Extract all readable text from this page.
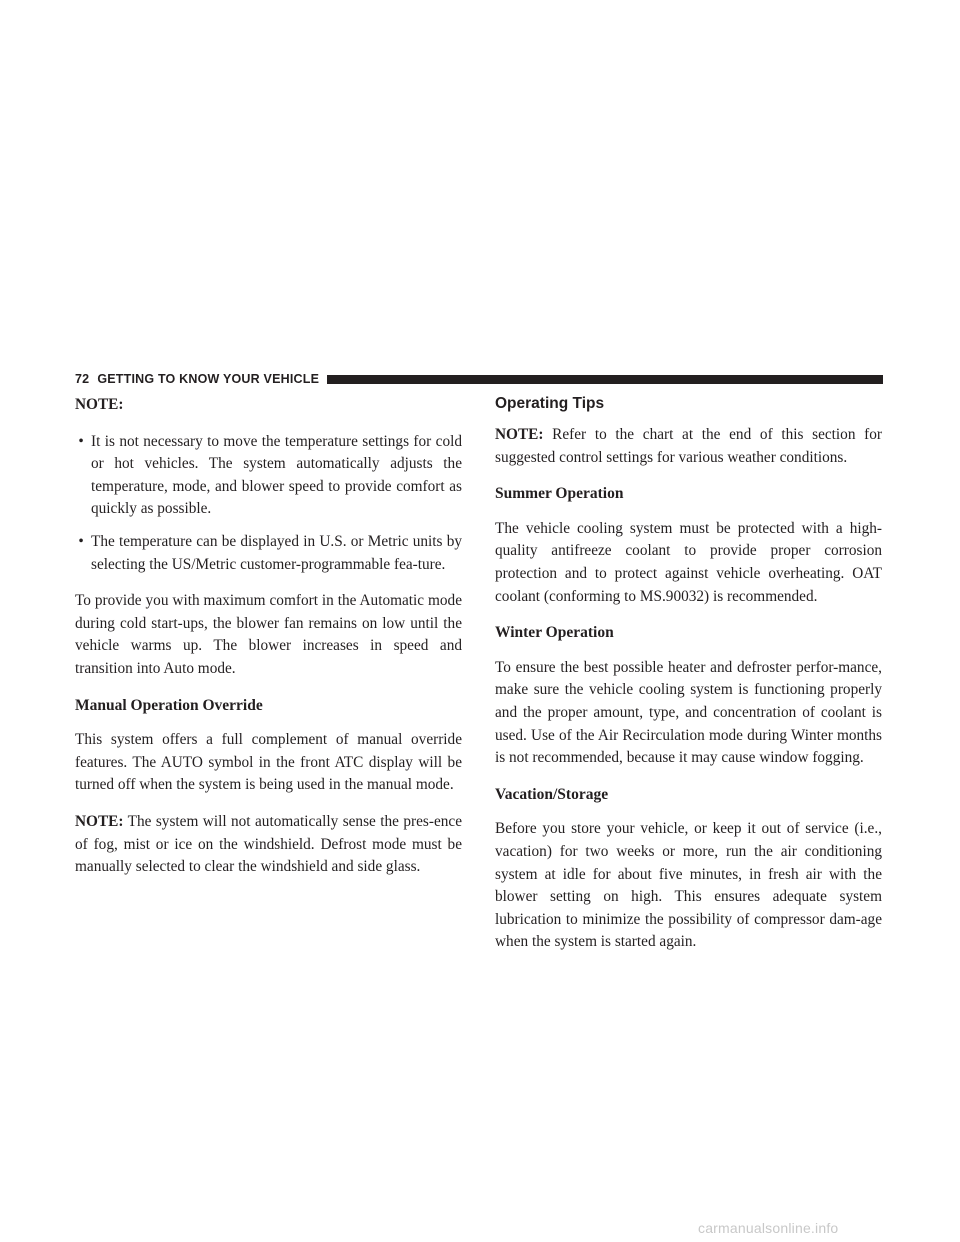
72 GETTING TO KNOW YOUR VEHICLE

NOTE:

• It is not necessary to move the temperature settings for cold or hot vehicles. The system automatically adjusts the temperature, mode, and blower speed to provide comfort as quickly as possible.
• The temperature can be displayed in U.S. or Metric units by selecting the US/Metric customer-programmable fea-ture.

To provide you with maximum comfort in the Automatic mode during cold start-ups, the blower fan remains on low until the vehicle warms up. The blower increases in speed and transition into Auto mode.

Manual Operation Override

This system offers a full complement of manual override features. The AUTO symbol in the front ATC display will be turned off when the system is being used in the manual mode.

NOTE: The system will not automatically sense the pres-ence of fog, mist or ice on the windshield. Defrost mode must be manually selected to clear the windshield and side glass.

Operating Tips

NOTE: Refer to the chart at the end of this section for suggested control settings for various weather conditions.

Summer Operation

The vehicle cooling system must be protected with a high-quality antifreeze coolant to provide proper corrosion protection and to protect against vehicle overheating. OAT coolant (conforming to MS.90032) is recommended.

Winter Operation

To ensure the best possible heater and defroster perfor-mance, make sure the vehicle cooling system is functioning properly and the proper amount, type, and concentration of coolant is used. Use of the Air Recirculation mode during Winter months is not recommended, because it may cause window fogging.

Vacation/Storage

Before you store your vehicle, or keep it out of service (i.e., vacation) for two weeks or more, run the air conditioning system at idle for about five minutes, in fresh air with the blower setting on high. This ensures adequate system lubrication to minimize the possibility of compressor dam-age when the system is started again.

carmanualsonline.info
